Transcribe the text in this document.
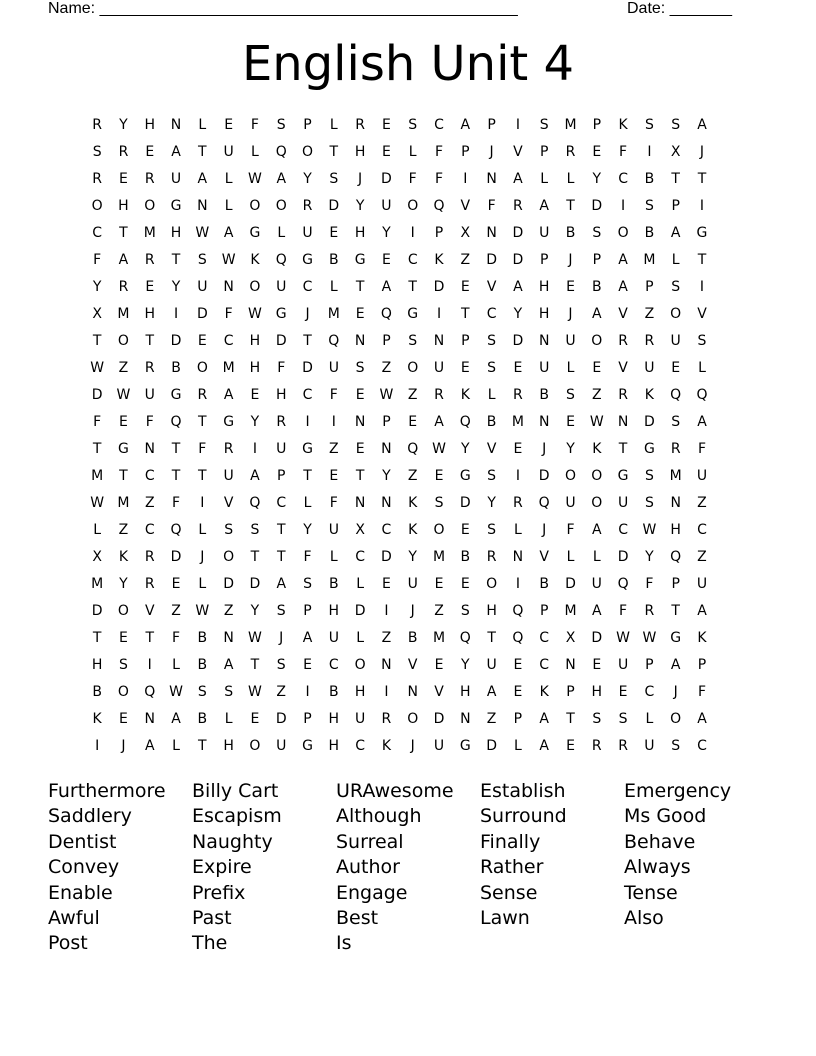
Name: _______________________________________________	Date: _______
English Unit 4
R	Y	H	N	L	E	F	S	P	L	R	E	S	C	A	P	I	S	M	P	K	S	S	A
S	R	E	A	T	U	L	Q	O	T	H	E	L	F	P	J	V	P	R	E	F	I	X	J
R	E	R	U	A	L	W	A	Y	S	J	D	F	F	I	N	A	L	L	Y	C	B	T	T
O	H	O	G	N	L	O	O	R	D	Y	U	O	Q	V	F	R	A	T	D	I	S	P	I
C	T	M	H	W	A	G	L	U	E	H	Y	I	P	X	N	D	U	B	S	O	B	A	G
F	A	R	T	S	W	K	Q	G	B	G	E	C	K	Z	D	D	P	J	P	A	M	L	T
Y	R	E	Y	U	N	O	U	C	L	T	A	T	D	E	V	A	H	E	B	A	P	S	I
X	M	H	I	D	F	W G	J	M	E	Q	G	I	T	C	Y	H	J	A	V	Z	O	V
T	O	T	D	E	C	H	D	T	Q	N	P	S	N	P	S	D	N	U	O	R	R	U	S
W	Z	R	B	O	M	H	F	D	U	S	Z	O	U	E	S	E	U	L	E	V	U	E	L
D W	U	G	R	A	E	H	C	F	E	W	Z	R	K	L	R	B	S	Z	R	K	Q	Q
F	E	F	Q	T	G	Y	R	I	I	N	P	E	A	Q	B	M	N	E	W	N	D	S	A
T	G	N	T	F	R	I	U	G	Z	E	N	Q W	Y	V	E	J	Y	K	T	G	R	F
M	T	C	T	T	U	A	P	T	E	T	Y	Z	E	G	S	I	D	O	O	G	S	M	U
W M	Z	F	I	V	Q	C	L	F	N	N	K	S	D	Y	R	Q	U	O	U	S	N	Z
L	Z	C	Q	L	S	S	T	Y	U	X	C	K	O	E	S	L	J	F	A	C	W	H	C
X	K	R	D	J	O	T	T	F	L	C	D	Y	M	B	R	N	V	L	L	D	Y	Q	Z
M	Y	R	E	L	D	D	A	S	B	L	E	U	E	E	O	I	B	D	U	Q	F	P	U
D	O	V	Z	W	Z	Y	S	P	H	D	I	J	Z	S	H	Q	P	M	A	F	R	T	A
T	E	T	F	B	N	W	J	A	U	L	Z	B	M	Q	T	Q	C	X	D W W G	K
H	S	I	L	B	A	T	S	E	C	O	N	V	E	Y	U	E	C	N	E	U	P	A	P
B	O	Q W	S	S	W	Z	I	B	H	I	N	V	H	A	E	K	P	H	E	C	J	F
K	E	N	A	B	L	E	D	P	H	U	R	O	D	N	Z	P	A	T	S	S	L	O	A
I	J	A	L	T	H	O	U	G	H	C	K	J	U	G	D	L	A	E	R	R	U	S	C
Furthermore
Saddlery
Dentist
Convey
Enable
Awful
Post
Billy Cart
Escapism
Naughty
Expire
Prefix
Past
The
URAwesome
Although
Surreal
Author
Engage
Best
Is
Establish
Surround
Finally
Rather
Sense
Lawn
Emergency
Ms Good
Behave
Always
Tense
Also
